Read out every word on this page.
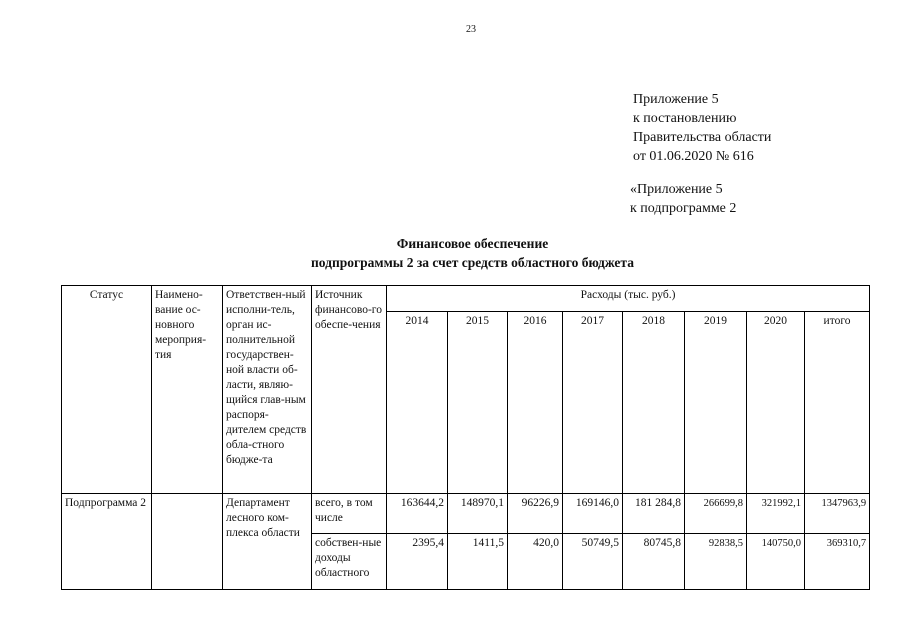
23
Приложение 5
к постановлению
Правительства области
от 01.06.2020 № 616
«Приложение 5
к подпрограмме 2
Финансовое обеспечение
подпрограммы 2 за счет средств областного бюджета
Статус	Наимено-вание ос-новного мероприя-тия	Ответствен-ный исполни-тель, орган ис-полнительной государствен-ной власти об-ласти, являю-щийся глав-ным распоря-дителем средств обла-стного бюдже-та	Источник финансово-го обеспе-чения	Расходы (тыс. руб.)							
				2014	2015	2016	2017	2018	2019	2020	итого
Подпрограмма 2		Департамент лесного ком-плекса области	всего, в том числе	163644,2	148970,1	96226,9	169146,0	181 284,8	266699,8	321992,1	1347963,9
			собствен-ные доходы областного	2395,4	1411,5	420,0	50749,5	80745,8	92838,5	140750,0	369310,7
